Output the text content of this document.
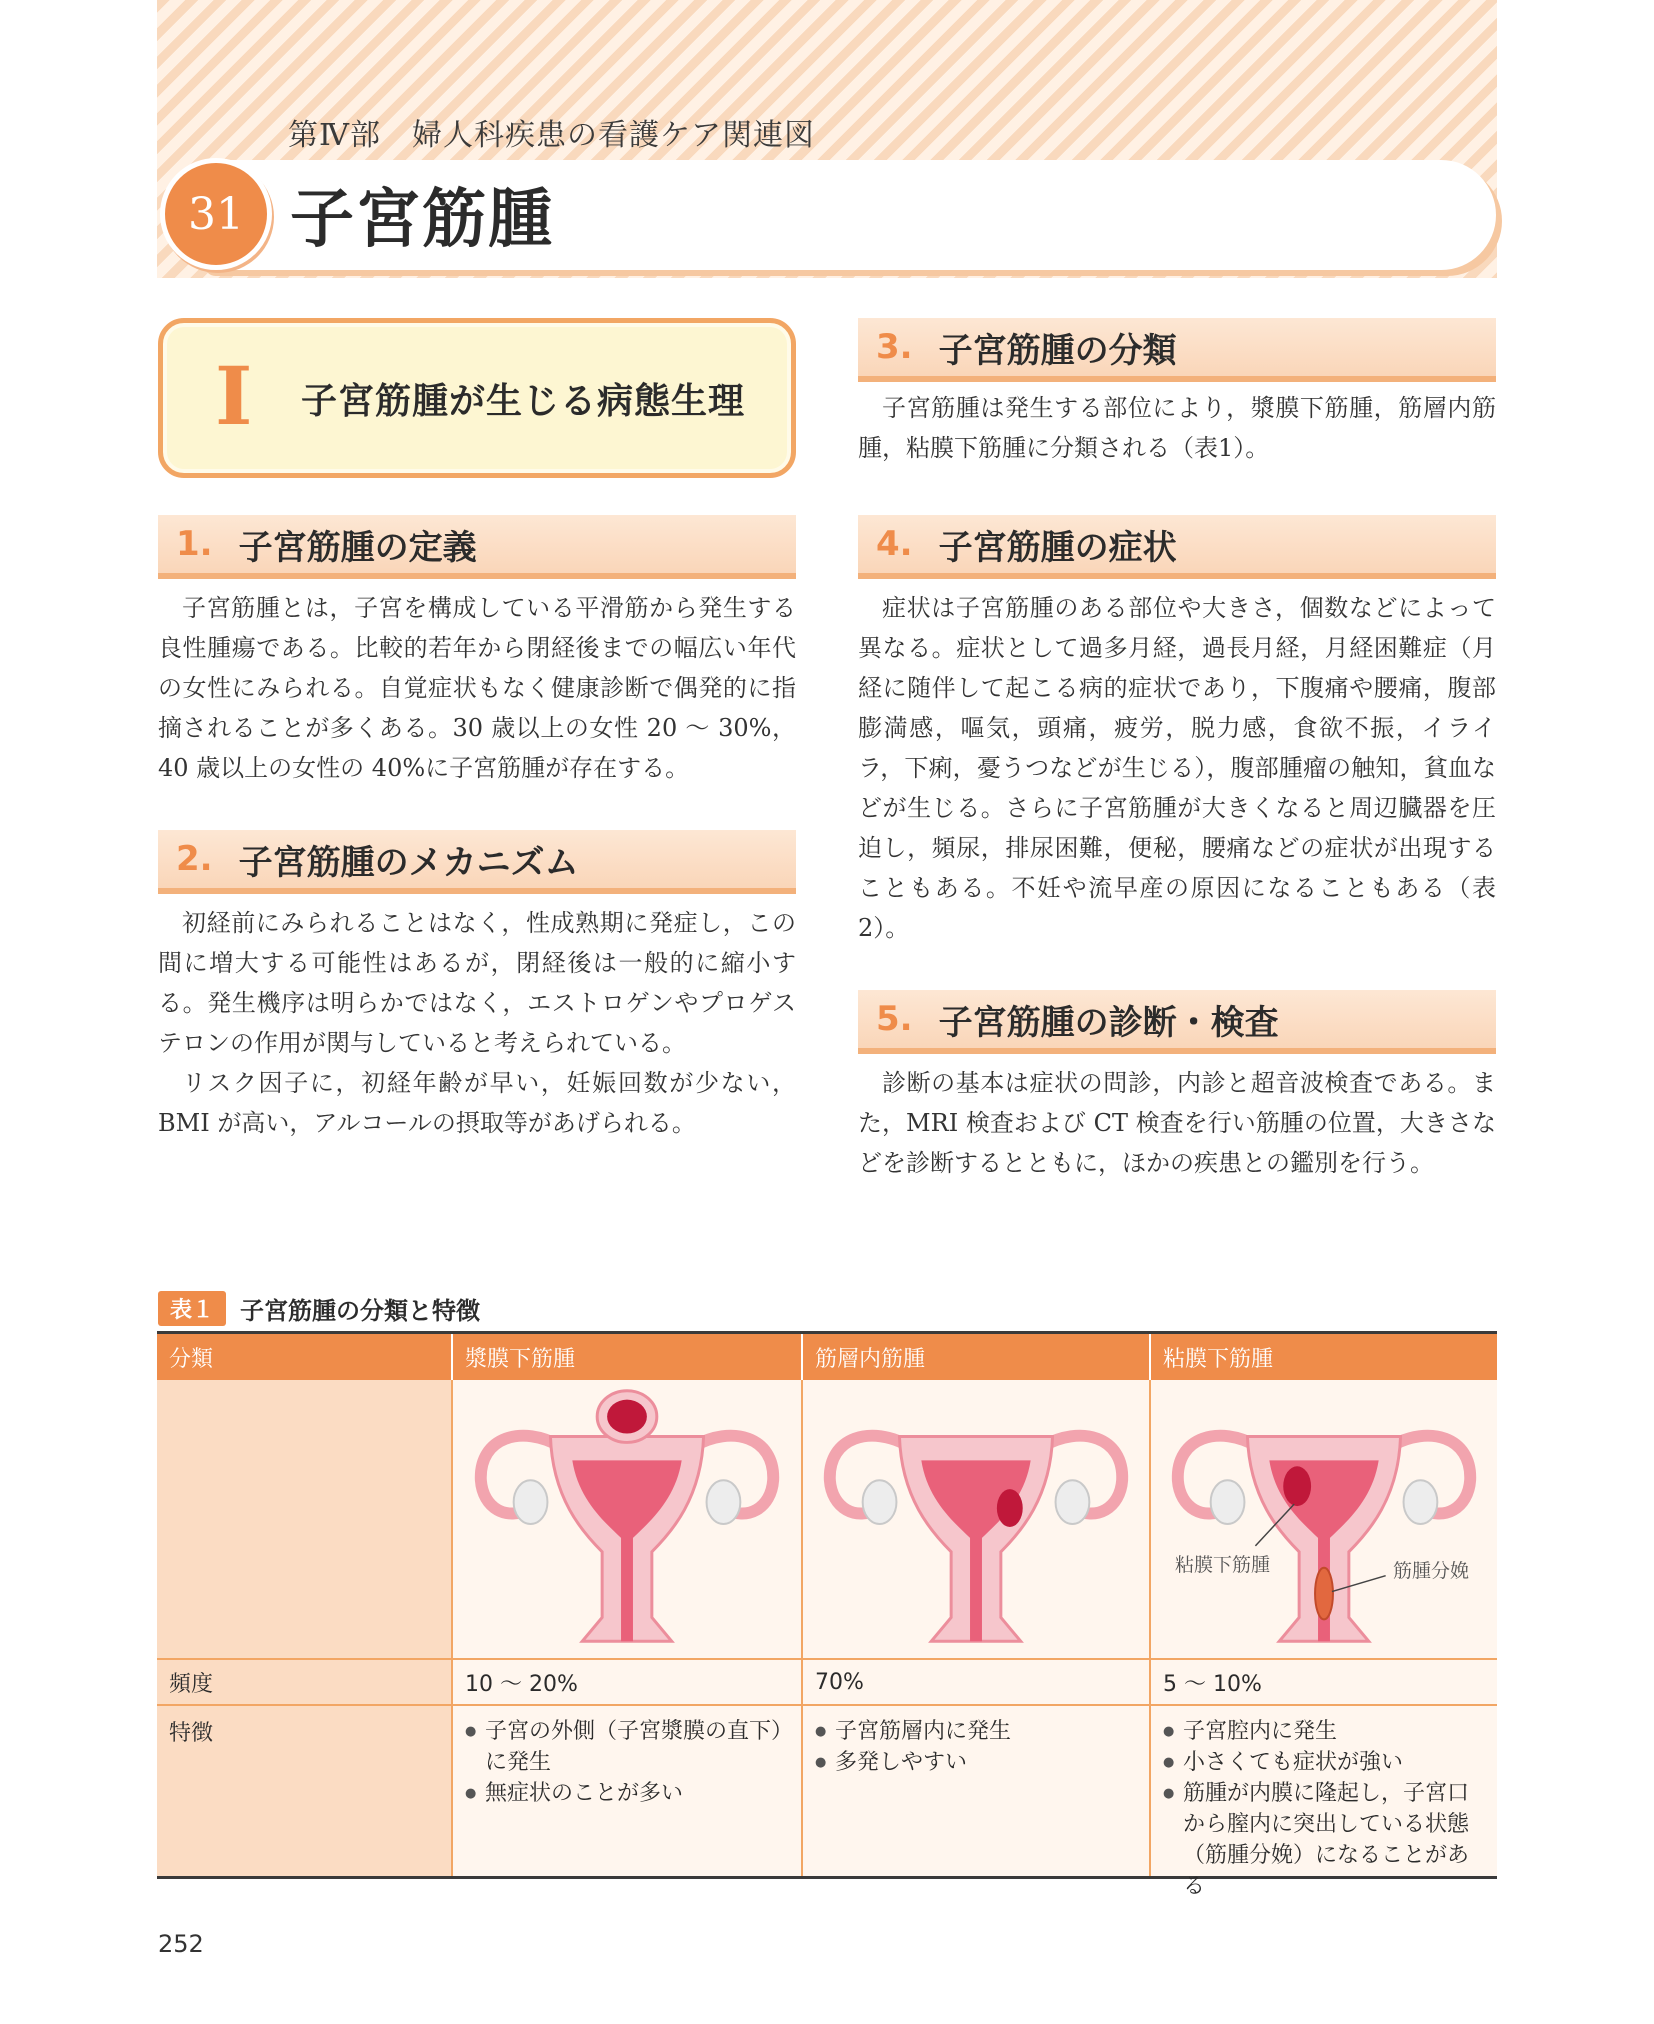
第Ⅳ部　婦人科疾患の看護ケア関連図
31 子宮筋腫
I 子宮筋腫が生じる病態生理
1. 子宮筋腫の定義

子宮筋腫とは，子宮を構成している平滑筋から発生する良性腫瘍である。比較的若年から閉経後までの幅広い年代の女性にみられる。自覚症状もなく健康診断で偶発的に指摘されることが多くある。30 歳以上の女性 20 ～ 30%，40 歳以上の女性の 40%に子宮筋腫が存在する。

2. 子宮筋腫のメカニズム

初経前にみられることはなく，性成熟期に発症し，この間に増大する可能性はあるが，閉経後は一般的に縮小する。発生機序は明らかではなく，エストロゲンやプロゲステロンの作用が関与していると考えられている。

リスク因子に，初経年齢が早い，妊娠回数が少ない，BMI が高い，アルコールの摂取等があげられる。

3. 子宮筋腫の分類

子宮筋腫は発生する部位により，漿膜下筋腫，筋層内筋腫，粘膜下筋腫に分類される（表1）。

4. 子宮筋腫の症状

症状は子宮筋腫のある部位や大きさ，個数などによって異なる。症状として過多月経，過長月経，月経困難症（月経に随伴して起こる病的症状であり，下腹痛や腰痛，腹部膨満感，嘔気，頭痛，疲労，脱力感，食欲不振，イライラ，下痢，憂うつなどが生じる），腹部腫瘤の触知，貧血などが生じる。さらに子宮筋腫が大きくなると周辺臓器を圧迫し，頻尿，排尿困難，便秘，腰痛などの症状が出現することもある。不妊や流早産の原因になることもある（表2）。

5. 子宮筋腫の診断・検査

診断の基本は症状の問診，内診と超音波検査である。また，MRI 検査および CT 検査を行い筋腫の位置，大きさなどを診断するとともに，ほかの疾患との鑑別を行う。

表１	子宮筋腫の分類と特徴
分類	漿膜下筋腫	筋層内筋腫	粘膜下筋腫
粘膜下筋腫	筋腫分娩
頻度	10 ～ 20%	70%	5 ～ 10%
特徴
●	子宮の外側（子宮漿膜の直下）に発生
● 無症状のことが多い
● 子宮筋層内に発生
● 多発しやすい
● 子宮腔内に発生
● 小さくても症状が強い
● 筋腫が内膜に隆起し，子宮口から膣内に突出している状態（筋腫分娩）になることがある
252
